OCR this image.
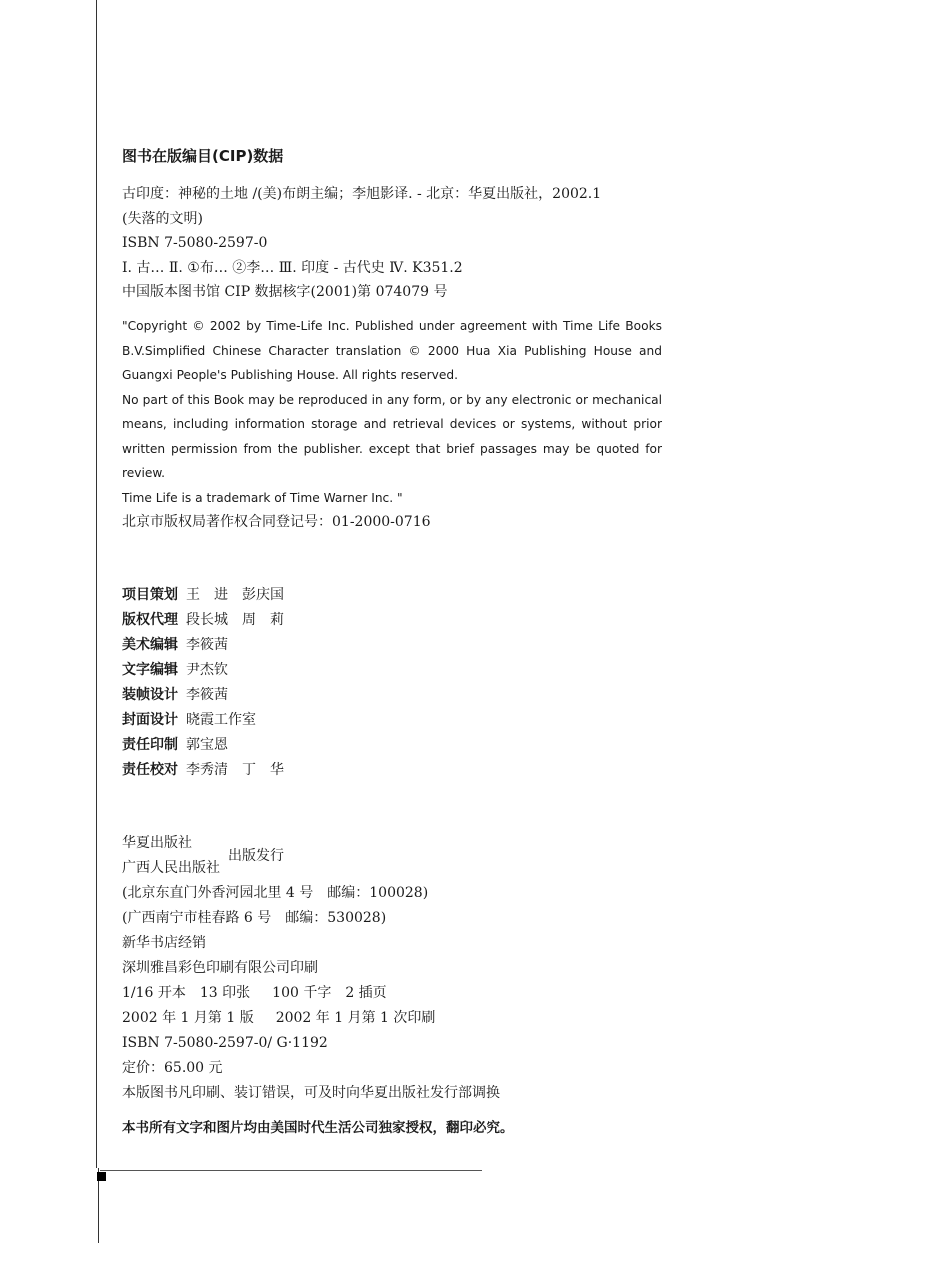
图书在版编目(CIP)数据
古印度：神秘的土地 /(美)布朗主编；李旭影译. - 北京：华夏出版社，2002.1
(失落的文明)
ISBN 7-5080-2597-0
Ⅰ. 古… Ⅱ. ①布… ②李… Ⅲ. 印度 - 古代史 Ⅳ. K351.2
中国版本图书馆 CIP 数据核字(2001)第 074079 号
"Copyright © 2002 by Time-Life Inc. Published under agreement with Time Life Books B.V.Simplified Chinese Character translation © 2000 Hua Xia Publishing House and Guangxi People's Publishing House. All rights reserved.
No part of this Book may be reproduced in any form, or by any electronic or mechanical means, including information storage and retrieval devices or systems, without prior written permission from the publisher. except that brief passages may be quoted for review.
Time Life is a trademark of Time Warner Inc. "
北京市版权局著作权合同登记号：01-2000-0716
项目策划 王　进 彭庆国
版权代理 段长城 周　莉
美术编辑 李筱茜
文字编辑 尹杰钦
装帧设计 李筱茜
封面设计 晓霞工作室
责任印制 郭宝恩
责任校对 李秀清 丁　华
华夏出版社
广西人民出版社
出版发行
(北京东直门外香河园北里 4 号　邮编：100028)
(广西南宁市桂春路 6 号　邮编：530028)
新华书店经销
深圳雅昌彩色印刷有限公司印刷
1/16 开本　13 印张 100 千字　2 插页
2002 年 1 月第 1 版 2002 年 1 月第 1 次印刷
ISBN 7-5080-2597-0/ G·1192
定价：65.00 元
本版图书凡印刷、装订错误，可及时向华夏出版社发行部调换
本书所有文字和图片均由美国时代生活公司独家授权，翻印必究。
